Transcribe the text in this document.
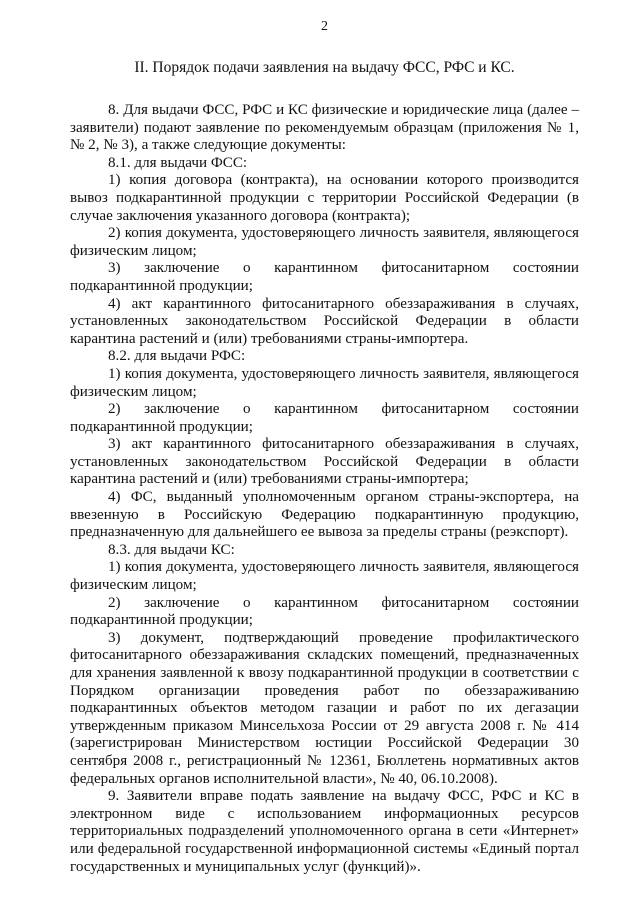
2
II. Порядок подачи заявления на выдачу ФСС, РФС и КС.

8. Для выдачи ФСС, РФС и КС физические и юридические лица (далее – заявители) подают заявление по рекомендуемым образцам (приложения № 1, № 2, № 3), а также следующие документы:

8.1. для выдачи ФСС:

1) копия договора (контракта), на основании которого производится вывоз подкарантинной продукции с территории Российской Федерации (в случае заключения указанного договора (контракта);

2) копия документа, удостоверяющего личность заявителя, являющегося физическим лицом;

3) заключение о карантинном фитосанитарном состоянии подкарантинной продукции;

4) акт карантинного фитосанитарного обеззараживания в случаях, установленных законодательством Российской Федерации в области карантина растений и (или) требованиями страны-импортера.

8.2. для выдачи РФС:

1) копия документа, удостоверяющего личность заявителя, являющегося физическим лицом;

2) заключение о карантинном фитосанитарном состоянии подкарантинной продукции;

3) акт карантинного фитосанитарного обеззараживания в случаях, установленных законодательством Российской Федерации в области карантина растений и (или) требованиями страны-импортера;

4) ФС, выданный уполномоченным органом страны-экспортера, на ввезенную в Российскую Федерацию подкарантинную продукцию, предназначенную для дальнейшего ее вывоза за пределы страны (реэкспорт).

8.3. для выдачи КС:

1) копия документа, удостоверяющего личность заявителя, являющегося физическим лицом;

2) заключение о карантинном фитосанитарном состоянии подкарантинной продукции;

3) документ, подтверждающий проведение профилактического фитосанитарного обеззараживания складских помещений, предназначенных для хранения заявленной к ввозу подкарантинной продукции в соответствии с Порядком организации проведения работ по обеззараживанию подкарантинных объектов методом газации и работ по их дегазации утвержденным приказом Минсельхоза России от 29 августа 2008 г. № 414 (зарегистрирован Министерством юстиции Российской Федерации 30 сентября 2008 г., регистрационный № 12361, Бюллетень нормативных актов федеральных органов исполнительной власти», № 40, 06.10.2008).

9. Заявители вправе подать заявление на выдачу ФСС, РФС и КС в электронном виде с использованием информационных ресурсов территориальных подразделений уполномоченного органа в сети «Интернет» или федеральной государственной информационной системы «Единый портал государственных и муниципальных услуг (функций)».
